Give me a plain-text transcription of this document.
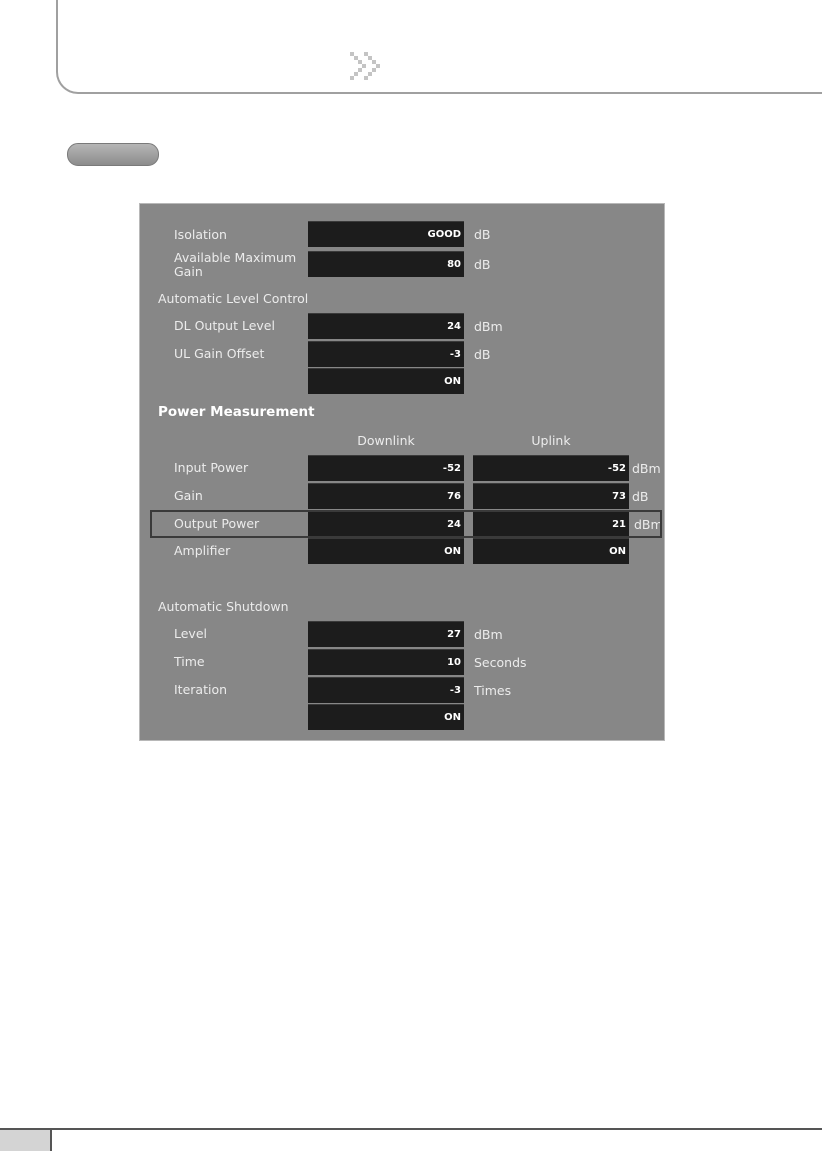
Isolation	GOOD dB
Available Maximum
Gain	80 dB
Automatic Level Control
DL Output Level	24 dBm
UL Gain Offset	-3 dB
ON
Power Measurement
Downlink	Uplink
Input Power	-52	-52 dBm
Gain	76	73 dB
Output Power	24	21 dBm
Amplifier	ON	ON
Automatic Shutdown
Level	27 dBm
Time	10 Seconds
Iteration	-3 Times
ON
